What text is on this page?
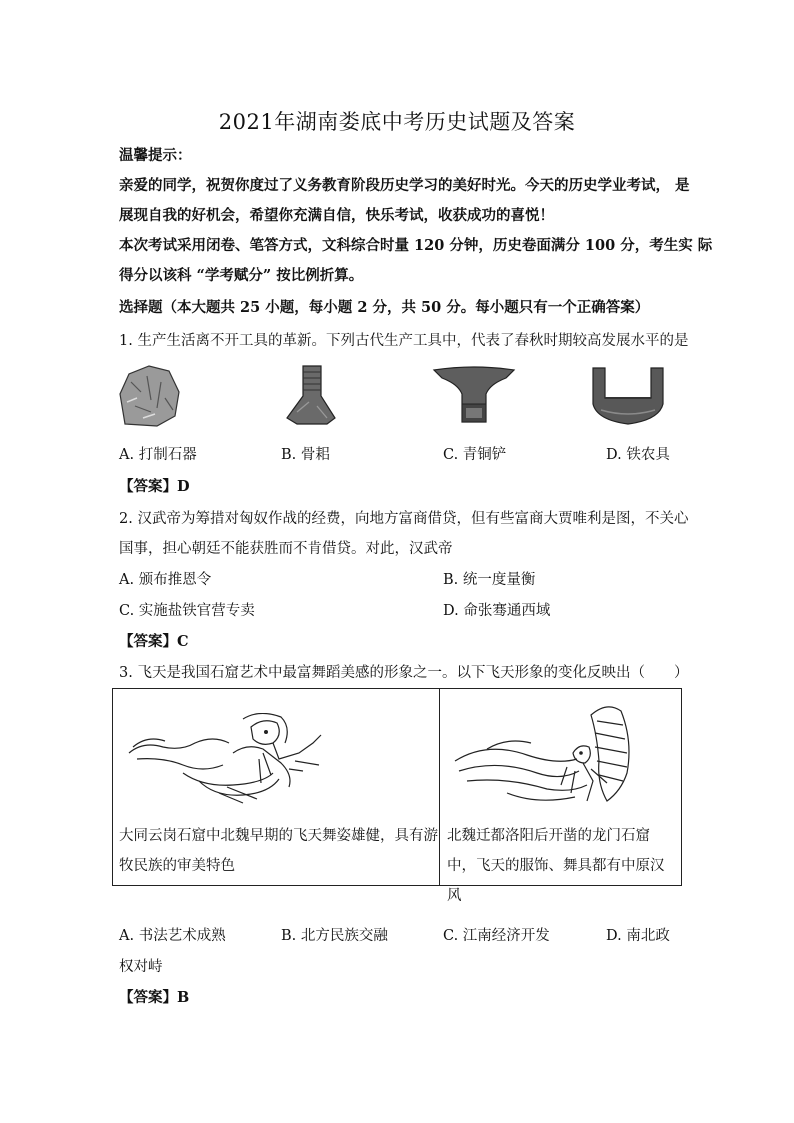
2021年湖南娄底中考历史试题及答案
温馨提示：
亲爱的同学，祝贺你度过了义务教育阶段历史学习的美好时光。今天的历史学业考试， 是
展现自我的好机会，希望你充满自信，快乐考试，收获成功的喜悦！
本次考试采用闭卷、笔答方式，文科综合时量 120 分钟，历史卷面满分 100 分，考生实 际
得分以该科 “学考赋分” 按比例折算。
选择题（本大题共 25 小题，每小题 2 分，共 50 分。每小题只有一个正确答案）
1. 生产生活离不开工具的革新。下列古代生产工具中，代表了春秋时期较高发展水平的是
A. 打制石器	B. 骨耜	C. 青铜铲	D. 铁农具
【答案】D
2. 汉武帝为筹措对匈奴作战的经费，向地方富商借贷，但有些富商大贾唯利是图，不关心
国事，担心朝廷不能获胜而不肯借贷。对此，汉武帝
A. 颁布推恩令	B. 统一度量衡
C. 实施盐铁官营专卖	D. 命张骞通西域
【答案】C
3. 飞天是我国石窟艺术中最富舞蹈美感的形象之一。以下飞天形象的变化反映出（　　）
大同云岗石窟中北魏早期的飞天舞姿雄健，具有游牧民族的审美特色
北魏迁都洛阳后开凿的龙门石窟中，飞天的服饰、舞具都有中原汉风
A. 书法艺术成熟	B. 北方民族交融	C. 江南经济开发	D. 南北政
权对峙
【答案】B
